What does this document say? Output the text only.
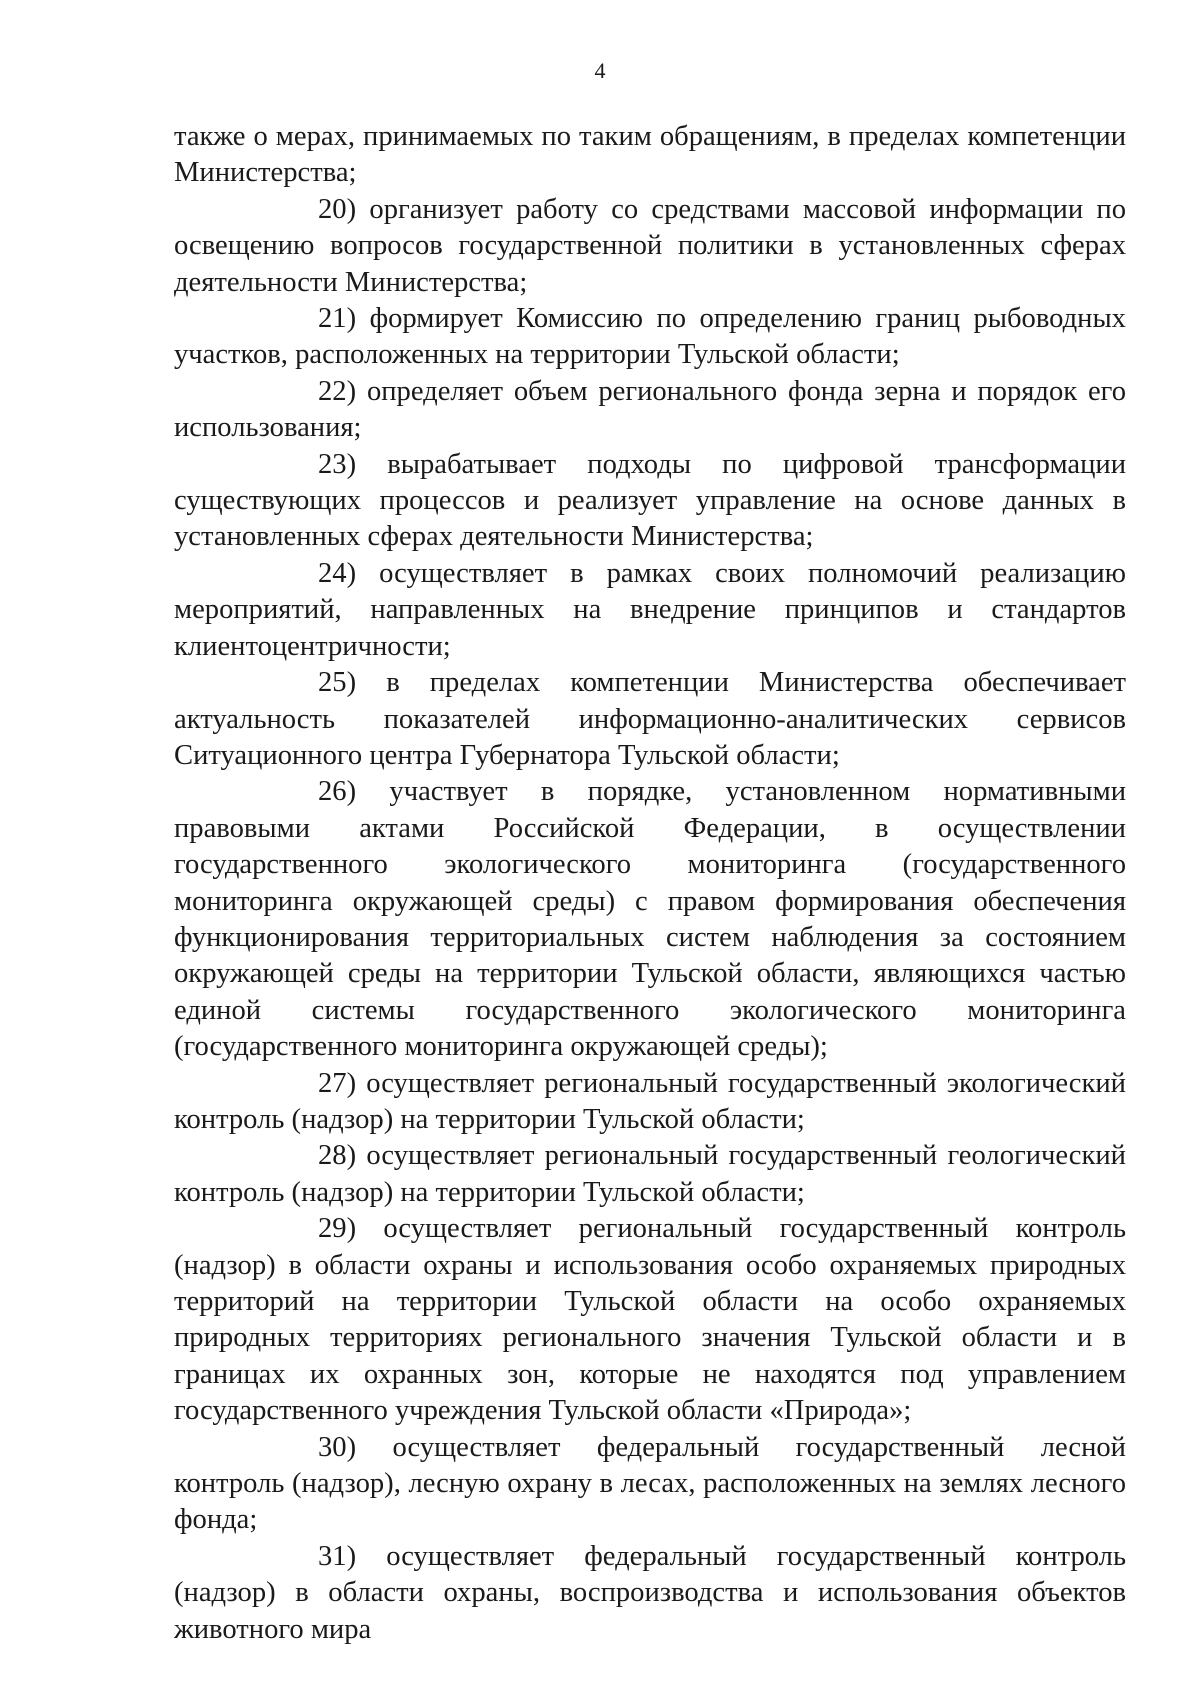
4

также о мерах, принимаемых по таким обращениям, в пределах компетенции Министерства;

20) организует работу со средствами массовой информации по освещению вопросов государственной политики в установленных сферах деятельности Министерства;

21) формирует Комиссию по определению границ рыбоводных участков, расположенных на территории Тульской области;

22) определяет объем регионального фонда зерна и порядок его использования;

23) вырабатывает подходы по цифровой трансформации существующих процессов и реализует управление на основе данных в установленных сферах деятельности Министерства;

24) осуществляет в рамках своих полномочий реализацию мероприятий, направленных на внедрение принципов и стандартов клиентоцентричности;

25) в пределах компетенции Министерства обеспечивает актуальность показателей информационно-аналитических сервисов Ситуационного центра Губернатора Тульской области;

26) участвует в порядке, установленном нормативными правовыми актами Российской Федерации, в осуществлении государственного экологического мониторинга (государственного мониторинга окружающей среды) с правом формирования обеспечения функционирования территориальных систем наблюдения за состоянием окружающей среды на территории Тульской области, являющихся частью единой системы государственного экологического мониторинга (государственного мониторинга окружающей среды);

27) осуществляет региональный государственный экологический контроль (надзор) на территории Тульской области;

28) осуществляет региональный государственный геологический контроль (надзор) на территории Тульской области;

29) осуществляет региональный государственный контроль (надзор) в области охраны и использования особо охраняемых природных территорий на территории Тульской области на особо охраняемых природных территориях регионального значения Тульской области и в границах их охранных зон, которые не находятся под управлением государственного учреждения Тульской области «Природа»;

30) осуществляет федеральный государственный лесной контроль (надзор), лесную охрану в лесах, расположенных на землях лесного фонда;

31) осуществляет федеральный государственный контроль (надзор) в области охраны, воспроизводства и использования объектов животного мира
